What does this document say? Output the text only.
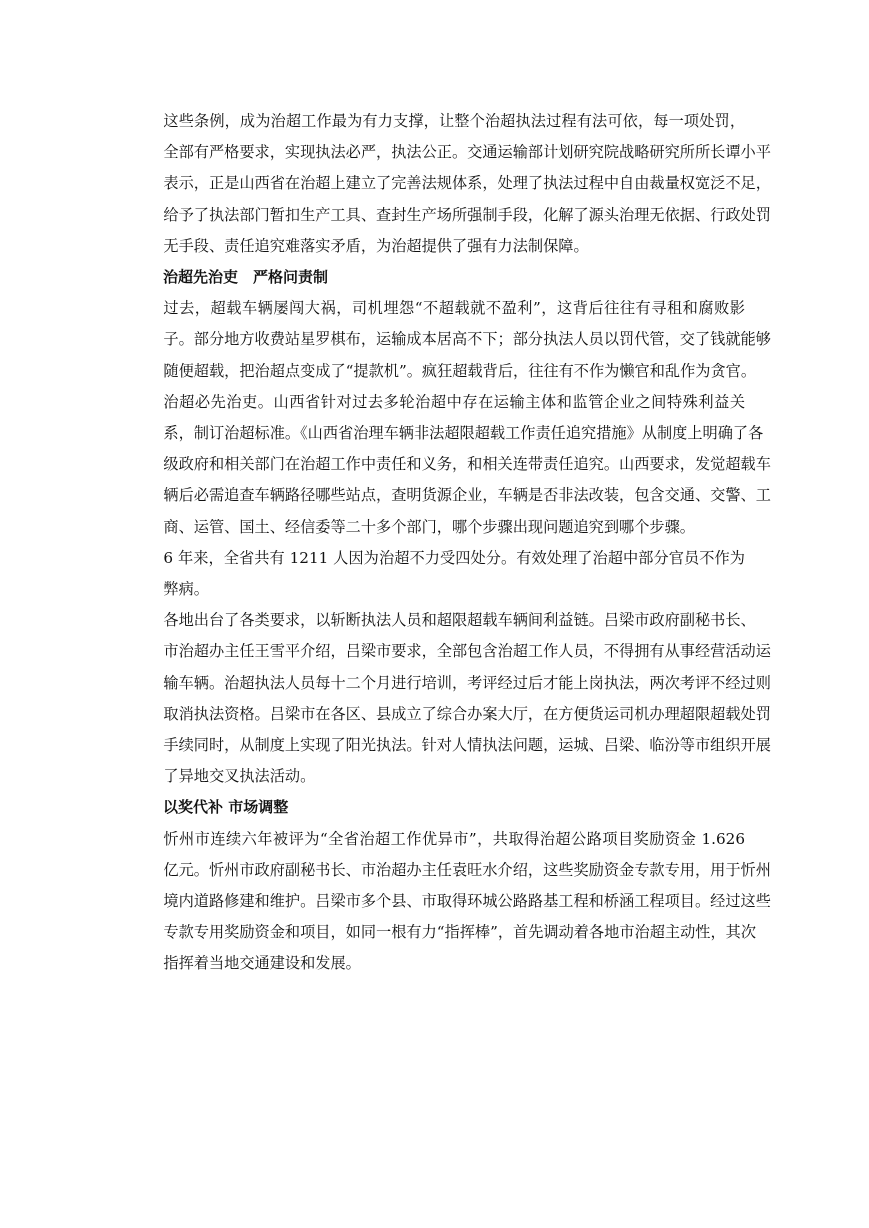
这些条例，成为治超工作最为有力支撑，让整个治超执法过程有法可依，每一项处罚，
全部有严格要求，实现执法必严，执法公正。交通运输部计划研究院战略研究所所长谭小平
表示，正是山西省在治超上建立了完善法规体系，处理了执法过程中自由裁量权宽泛不足，
给予了执法部门暂扣生产工具、查封生产场所强制手段，化解了源头治理无依据、行政处罚
无手段、责任追究难落实矛盾，为治超提供了强有力法制保障。
治超先治吏　严格问责制
过去，超载车辆屡闯大祸，司机埋怨“不超载就不盈利”，这背后往往有寻租和腐败影
子。部分地方收费站星罗棋布，运输成本居高不下；部分执法人员以罚代管，交了钱就能够
随便超载，把治超点变成了“提款机”。疯狂超载背后，往往有不作为懒官和乱作为贪官。
治超必先治吏。山西省针对过去多轮治超中存在运输主体和监管企业之间特殊利益关
系，制订治超标准。《山西省治理车辆非法超限超载工作责任追究措施》从制度上明确了各
级政府和相关部门在治超工作中责任和义务，和相关连带责任追究。山西要求，发觉超载车
辆后必需追查车辆路径哪些站点，查明货源企业，车辆是否非法改装，包含交通、交警、工
商、运管、国土、经信委等二十多个部门，哪个步骤出现问题追究到哪个步骤。
6 年来，全省共有 1211 人因为治超不力受四处分。有效处理了治超中部分官员不作为
弊病。
各地出台了各类要求，以斩断执法人员和超限超载车辆间利益链。吕梁市政府副秘书长、
市治超办主任王雪平介绍，吕梁市要求，全部包含治超工作人员，不得拥有从事经营活动运
输车辆。治超执法人员每十二个月进行培训，考评经过后才能上岗执法，两次考评不经过则
取消执法资格。吕梁市在各区、县成立了综合办案大厅，在方便货运司机办理超限超载处罚
手续同时，从制度上实现了阳光执法。针对人情执法问题，运城、吕梁、临汾等市组织开展
了异地交叉执法活动。
以奖代补 市场调整
忻州市连续六年被评为“全省治超工作优异市”，共取得治超公路项目奖励资金 1.626
亿元。忻州市政府副秘书长、市治超办主任袁旺水介绍，这些奖励资金专款专用，用于忻州
境内道路修建和维护。吕梁市多个县、市取得环城公路路基工程和桥涵工程项目。经过这些
专款专用奖励资金和项目，如同一根有力“指挥棒”，首先调动着各地市治超主动性，其次
指挥着当地交通建设和发展。
